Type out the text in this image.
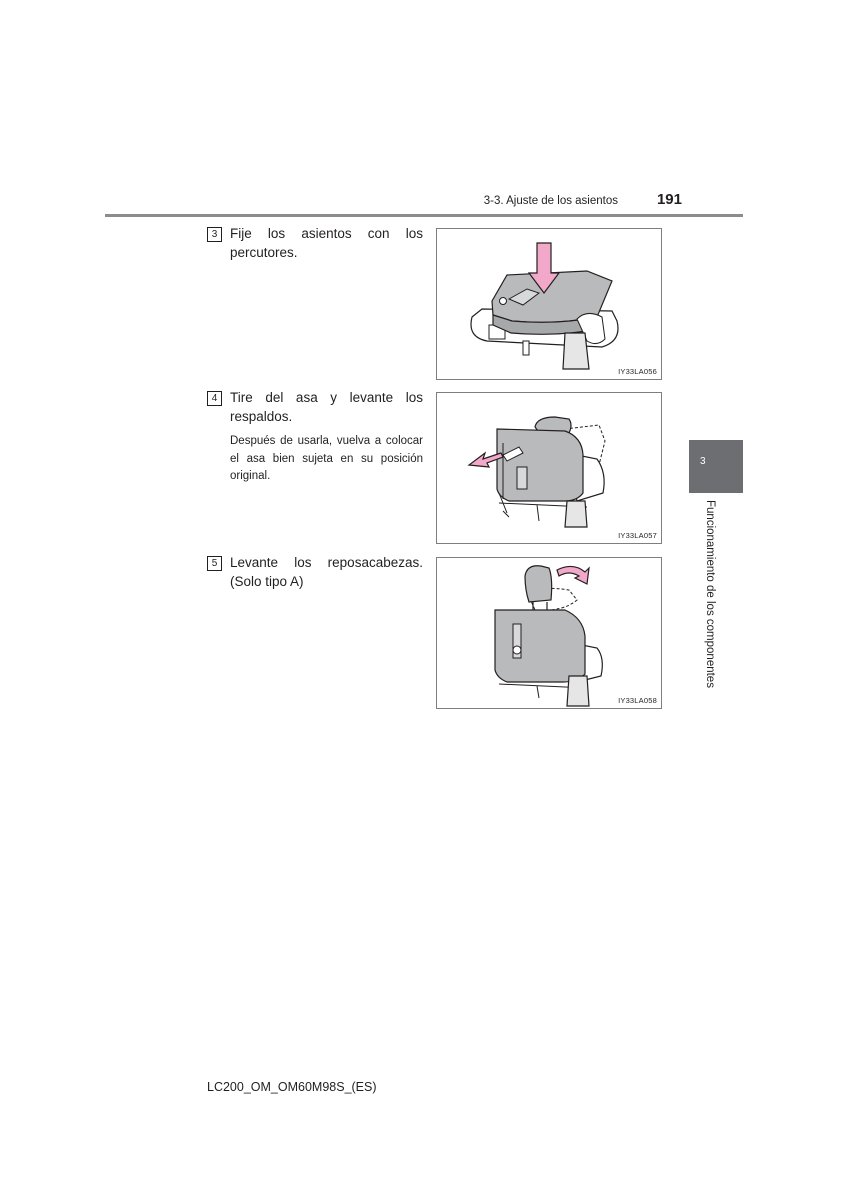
3-3. Ajuste de los asientos	191
3
Funcionamiento de los componentes
3 Fije los asientos con los percutores.
4 Tire del asa y levante los respaldos.
Después de usarla, vuelva a colocar el asa bien sujeta en su posición original.
5 Levante los reposacabezas. (Solo tipo A)
IY33LA056
IY33LA057
IY33LA058
LC200_OM_OM60M98S_(ES)
